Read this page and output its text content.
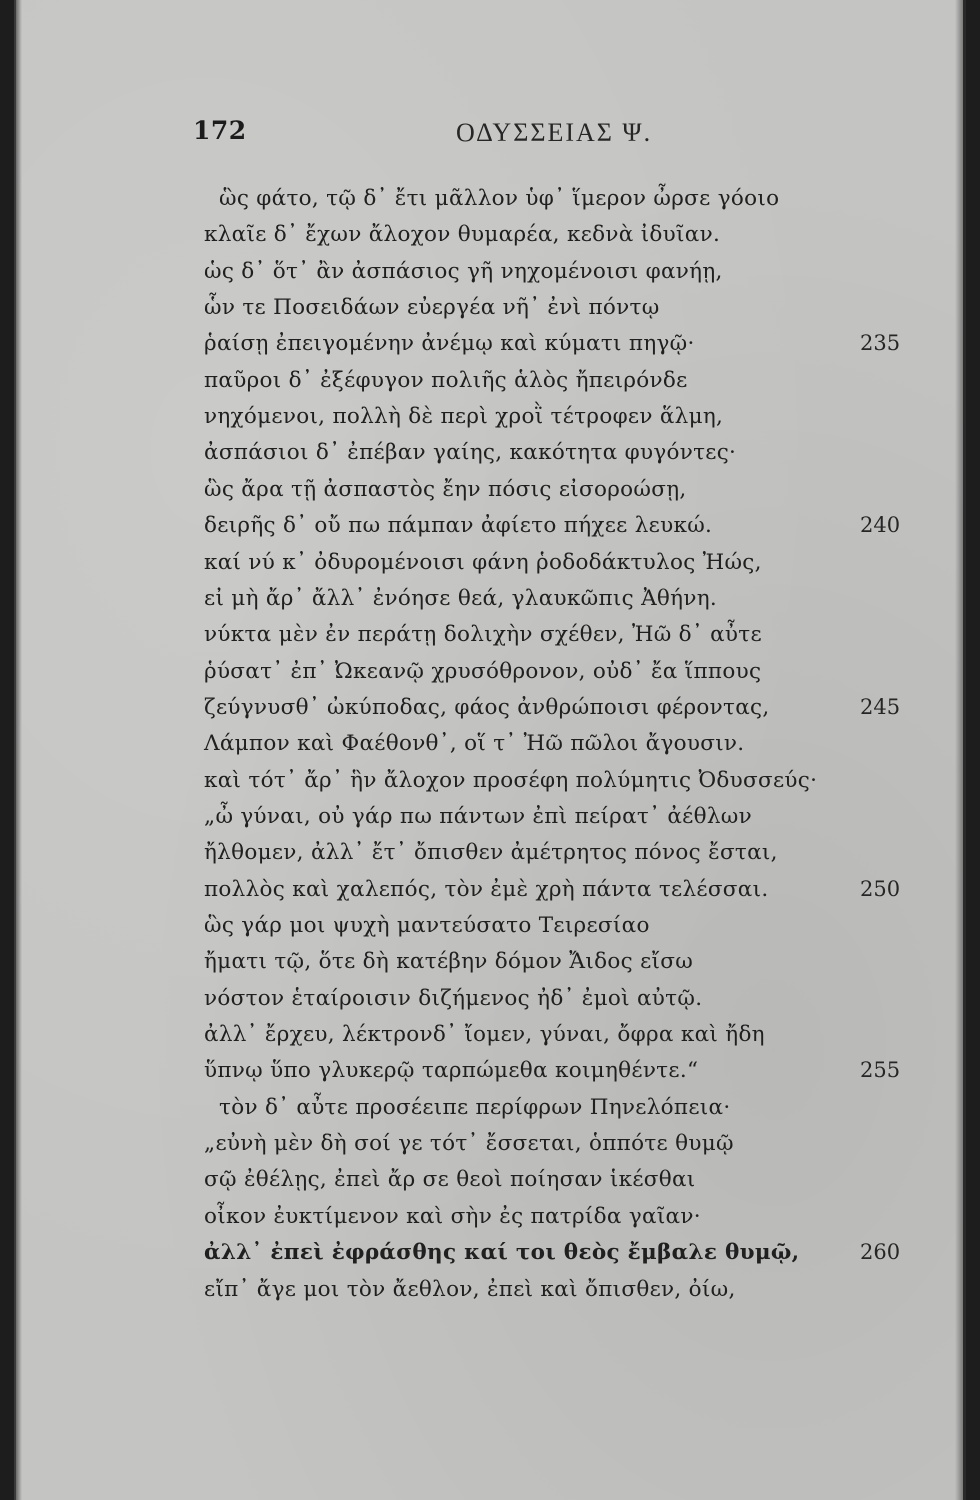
172	ΟΔΥΣΣΕΙΑΣ Ψ.
ὣς φάτο, τῷ δ᾽ ἔτι μᾶλλον ὑφ᾽ ἵμερον ὦρσε γόοιο
κλαῖε δ᾽ ἔχων ἄλοχον θυμαρέα, κεδνὰ ἰδυῖαν.
ὡς δ᾽ ὅτ᾽ ἂν ἀσπάσιος γῆ νηχομένοισι φανήῃ,
ὧν τε Ποσειδάων εὐεργέα νῆ᾽ ἐνὶ πόντῳ
ῥαίσῃ ἐπειγομένην ἀνέμῳ καὶ κύματι πηγῷ·	235
παῦροι δ᾽ ἐξέφυγον πολιῆς ἁλὸς ἤπειρόνδε
νηχόμενοι, πολλὴ δὲ περὶ χροῒ τέτροφεν ἅλμη,
ἀσπάσιοι δ᾽ ἐπέβαν γαίης, κακότητα φυγόντες·
ὣς ἄρα τῇ ἀσπαστὸς ἔην πόσις εἰσοροώσῃ,
δειρῆς δ᾽ οὔ πω πάμπαν ἀφίετο πήχεε λευκώ.	240
καί νύ κ᾽ ὀδυρομένοισι φάνη ῥοδοδάκτυλος Ἠώς,
εἰ μὴ ἄρ᾽ ἄλλ᾽ ἐνόησε θεά, γλαυκῶπις Ἀθήνη.
νύκτα μὲν ἐν περάτῃ δολιχὴν σχέθεν, Ἠῶ δ᾽ αὖτε
ῥύσατ᾽ ἐπ᾽ Ὠκεανῷ χρυσόθρονον, οὐδ᾽ ἔα ἵππους
ζεύγνυσθ᾽ ὠκύποδας, φάος ἀνθρώποισι φέροντας,	245
Λάμπον καὶ Φαέθονθ᾽, οἵ τ᾽ Ἠῶ πῶλοι ἄγουσιν.
καὶ τότ᾽ ἄρ᾽ ἣν ἄλοχον προσέφη πολύμητις Ὀδυσσεύς·
„ὦ γύναι, οὐ γάρ πω πάντων ἐπὶ πείρατ᾽ ἀέθλων
ἤλθομεν, ἀλλ᾽ ἔτ᾽ ὄπισθεν ἀμέτρητος πόνος ἔσται,
πολλὸς καὶ χαλεπός, τὸν ἐμὲ χρὴ πάντα τελέσσαι.	250
ὣς γάρ μοι ψυχὴ μαντεύσατο Τειρεσίαο
ἤματι τῷ, ὅτε δὴ κατέβην δόμον Ἄιδος εἴσω
νόστον ἑταίροισιν διζήμενος ἠδ᾽ ἐμοὶ αὐτῷ.
ἀλλ᾽ ἔρχευ, λέκτρονδ᾽ ἴομεν, γύναι, ὄφρα καὶ ἤδη
ὕπνῳ ὕπο γλυκερῷ ταρπώμεθα κοιμηθέντε.“	255
τὸν δ᾽ αὖτε προσέειπε περίφρων Πηνελόπεια·
„εὐνὴ μὲν δὴ σοί γε τότ᾽ ἔσσεται, ὁππότε θυμῷ
σῷ ἐθέλῃς, ἐπεὶ ἄρ σε θεοὶ ποίησαν ἱκέσθαι
οἶκον ἐυκτίμενον καὶ σὴν ἐς πατρίδα γαῖαν·
ἀλλ᾽ ἐπεὶ ἐφράσθης καί τοι θεὸς ἔμβαλε θυμῷ,	260
εἴπ᾽ ἄγε μοι τὸν ἄεθλον, ἐπεὶ καὶ ὄπισθεν, ὀίω,
